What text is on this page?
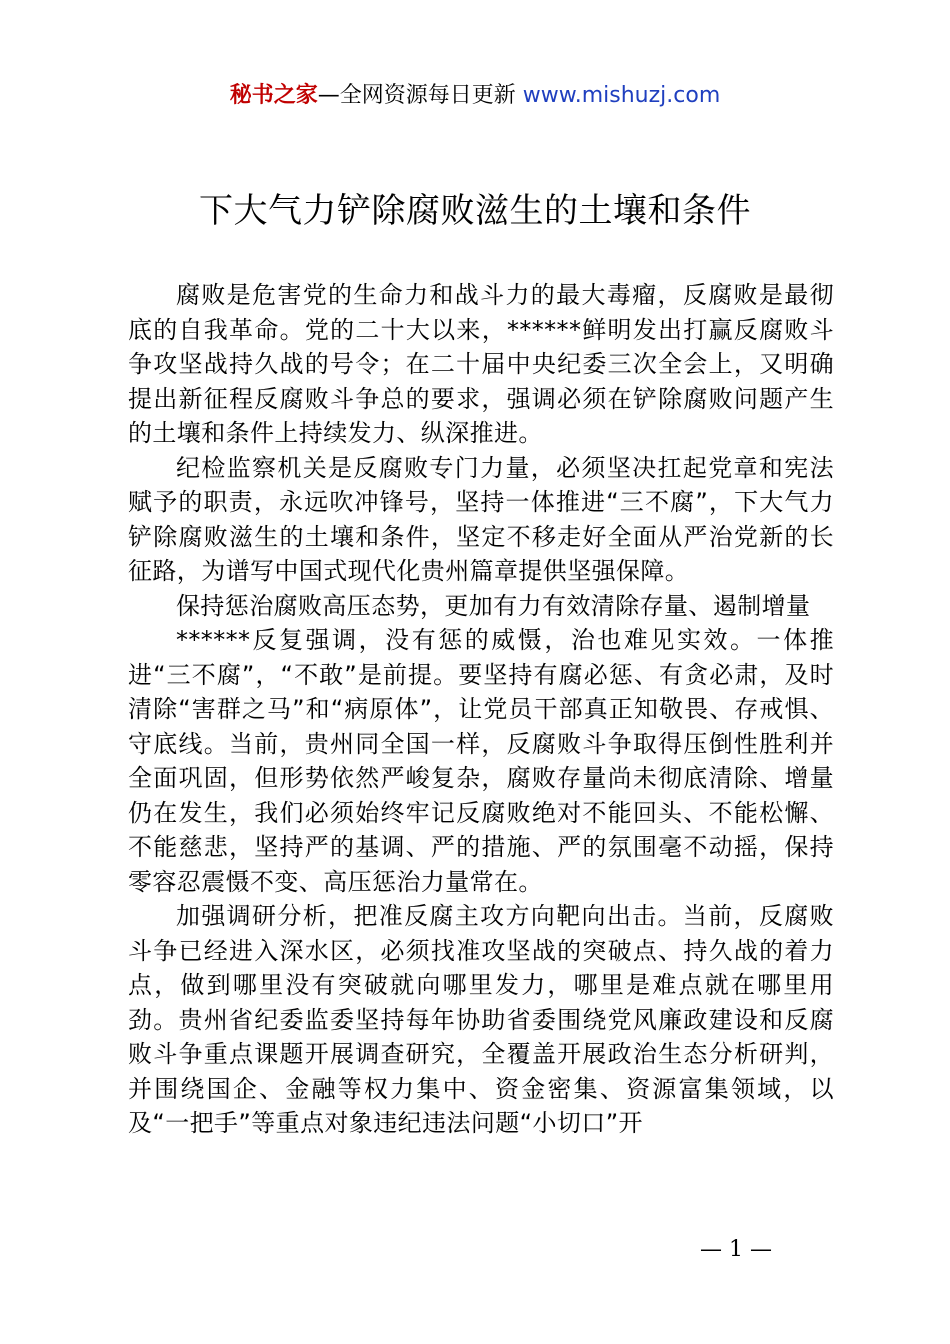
秘书之家—全网资源每日更新 www.mishuzj.com
下大气力铲除腐败滋生的土壤和条件

腐败是危害党的生命力和战斗力的最大毒瘤，反腐败是最彻底的自我革命。党的二十大以来，******鲜明发出打赢反腐败斗争攻坚战持久战的号令；在二十届中央纪委三次全会上，又明确提出新征程反腐败斗争总的要求，强调必须在铲除腐败问题产生的土壤和条件上持续发力、纵深推进。

纪检监察机关是反腐败专门力量，必须坚决扛起党章和宪法赋予的职责，永远吹冲锋号，坚持一体推进“三不腐”，下大气力铲除腐败滋生的土壤和条件，坚定不移走好全面从严治党新的长征路，为谱写中国式现代化贵州篇章提供坚强保障。

保持惩治腐败高压态势，更加有力有效清除存量、遏制增量

******反复强调，没有惩的威慑，治也难见实效。一体推进“三不腐”，“不敢”是前提。要坚持有腐必惩、有贪必肃，及时清除“害群之马”和“病原体”，让党员干部真正知敬畏、存戒惧、守底线。当前，贵州同全国一样，反腐败斗争取得压倒性胜利并全面巩固，但形势依然严峻复杂，腐败存量尚未彻底清除、增量仍在发生，我们必须始终牢记反腐败绝对不能回头、不能松懈、不能慈悲，坚持严的基调、严的措施、严的氛围毫不动摇，保持零容忍震慑不变、高压惩治力量常在。

加强调研分析，把准反腐主攻方向靶向出击。当前，反腐败斗争已经进入深水区，必须找准攻坚战的突破点、持久战的着力点，做到哪里没有突破就向哪里发力，哪里是难点就在哪里用劲。贵州省纪委监委坚持每年协助省委围绕党风廉政建设和反腐败斗争重点课题开展调查研究，全覆盖开展政治生态分析研判，并围绕国企、金融等权力集中、资金密集、资源富集领域，以及“一把手”等重点对象违纪违法问题“小切口”开

— 1 —
